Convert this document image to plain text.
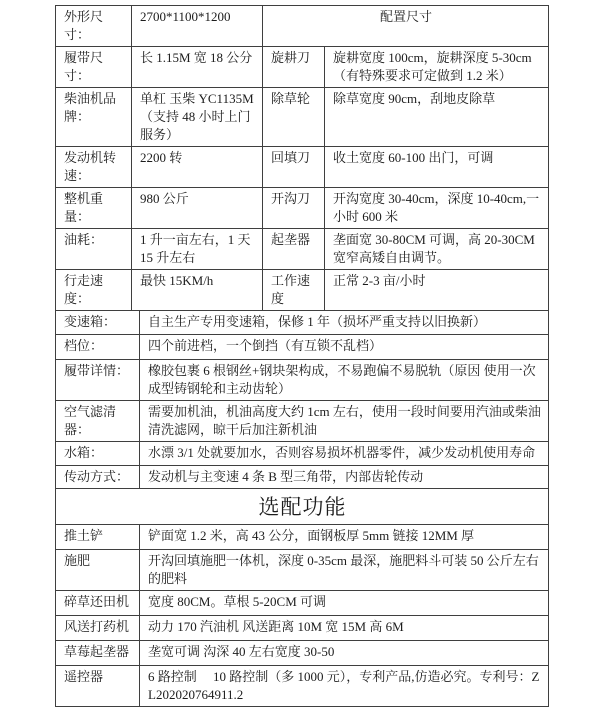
外形尺寸：	2700*1100*1200	配置尺寸	
履带尺寸：	长 1.15M 宽 18 公分	旋耕刀	旋耕宽度 100cm，旋耕深度 5-30cm（有特殊要求可定做到 1.2 米）
柴油机品牌：	单杠 玉柴 YC1135M（支持 48 小时上门服务）	除草轮	除草宽度 90cm，刮地皮除草
发动机转速：	2200 转	回填刀	收土宽度 60-100 出门，可调
整机重量：	980 公斤	开沟刀	开沟宽度 30-40cm，深度 10-40cm,一小时 600 米
油耗：	1 升一亩左右，1 天 15 升左右	起垄器	垄面宽 30-80CM 可调，高 20-30CM 宽窄高矮自由调节。
行走速度：	最快 15KM/h	工作速度	正常 2-3 亩/小时
变速箱：	自主生产专用变速箱，保修 1 年（损坏严重支持以旧换新）
档位：	四个前进档，一个倒挡（有互锁不乱档）
履带详情：	橡胶包裹 6 根钢丝+钢块架构成，不易跑偏不易脱轨（原因 使用一次成型铸钢轮和主动齿轮）
空气滤清器：	需要加机油，机油高度大约 1cm 左右，使用一段时间要用汽油或柴油清洗滤网，晾干后加注新机油
水箱：	水漂 3/1 处就要加水，否则容易损坏机器零件，减少发动机使用寿命
传动方式：	发动机与主变速 4 条 B 型三角带，内部齿轮传动
选配功能	
推土铲	铲面宽 1.2 米，高 43 公分，面钢板厚 5mm 链接 12MM 厚
施肥	开沟回填施肥一体机，深度 0-35cm 最深，施肥料斗可装 50 公斤左右的肥料
碎草还田机	宽度 80CM。草根 5-20CM 可调
风送打药机	动力 170 汽油机 风送距离 10M 宽 15M 高 6M
草莓起垄器	垄宽可调 沟深 40 左右宽度 30-50
遥控器	6 路控制　 10 路控制（多 1000 元），专利产品,仿造必究。专利号：ZL202020764911.2
